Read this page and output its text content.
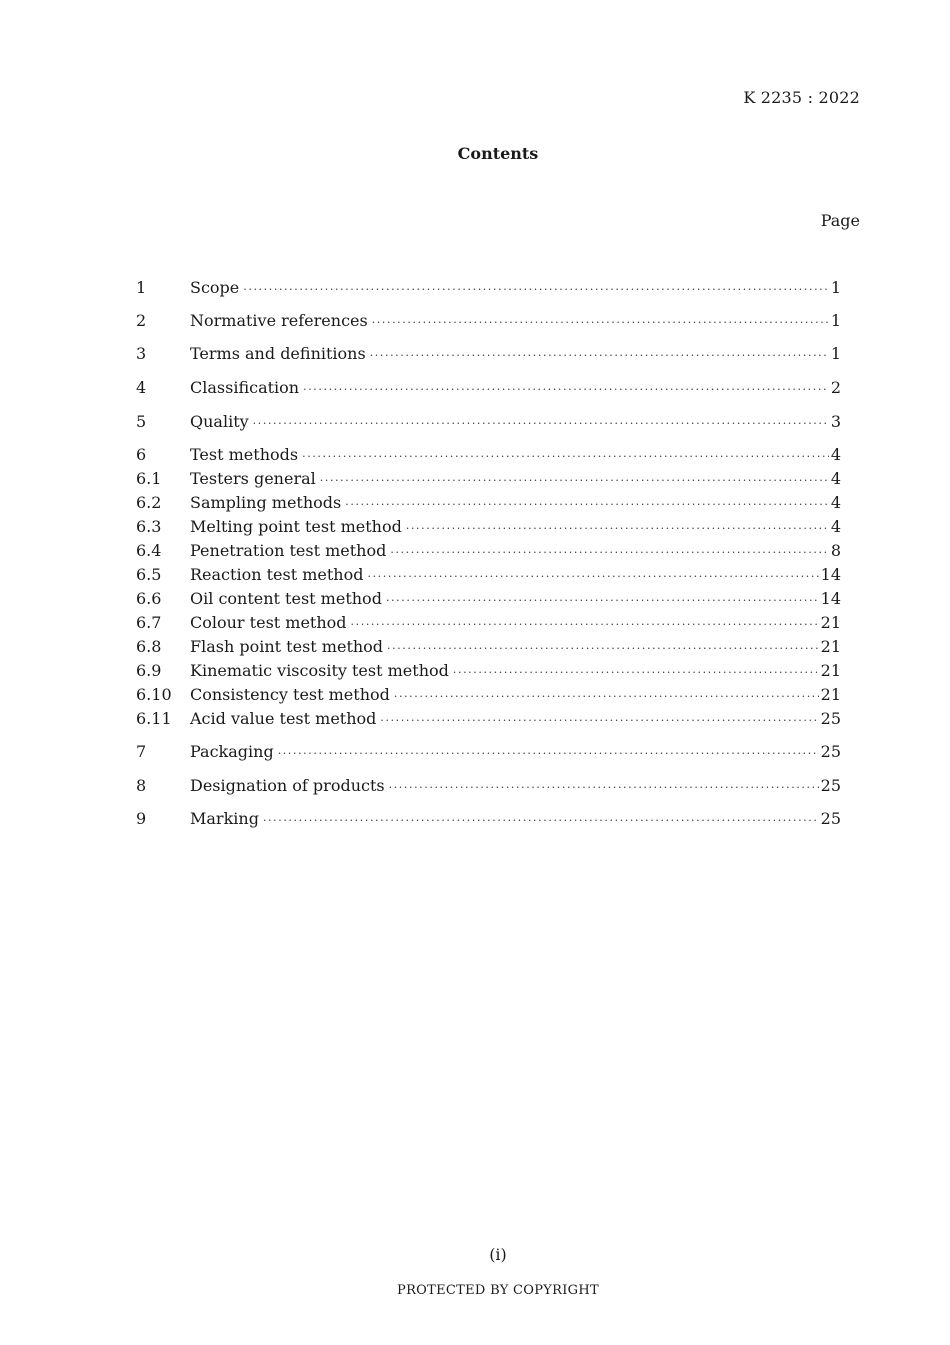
K 2235 : 2022
Contents
Page
1	Scope ·····	1
2	Normative references ·····	1
3	Terms and definitions ·····	1
4	Classification ·····	2
5	Quality ·····	3
6	Test methods ·····	4
6.1	Testers general ·····	4
6.2	Sampling methods ·····	4
6.3	Melting point test method ·····	4
6.4	Penetration test method ·····	8
6.5	Reaction test method ·····	14
6.6	Oil content test method ·····	14
6.7	Colour test method ·····	21
6.8	Flash point test method ·····	21
6.9	Kinematic viscosity test method ·····	21
6.10	Consistency test method ·····	21
6.11	Acid value test method ·····	25
7	Packaging ·····	25
8	Designation of products ·····	25
9	Marking ·····	25
(i)
PROTECTED BY COPYRIGHT
